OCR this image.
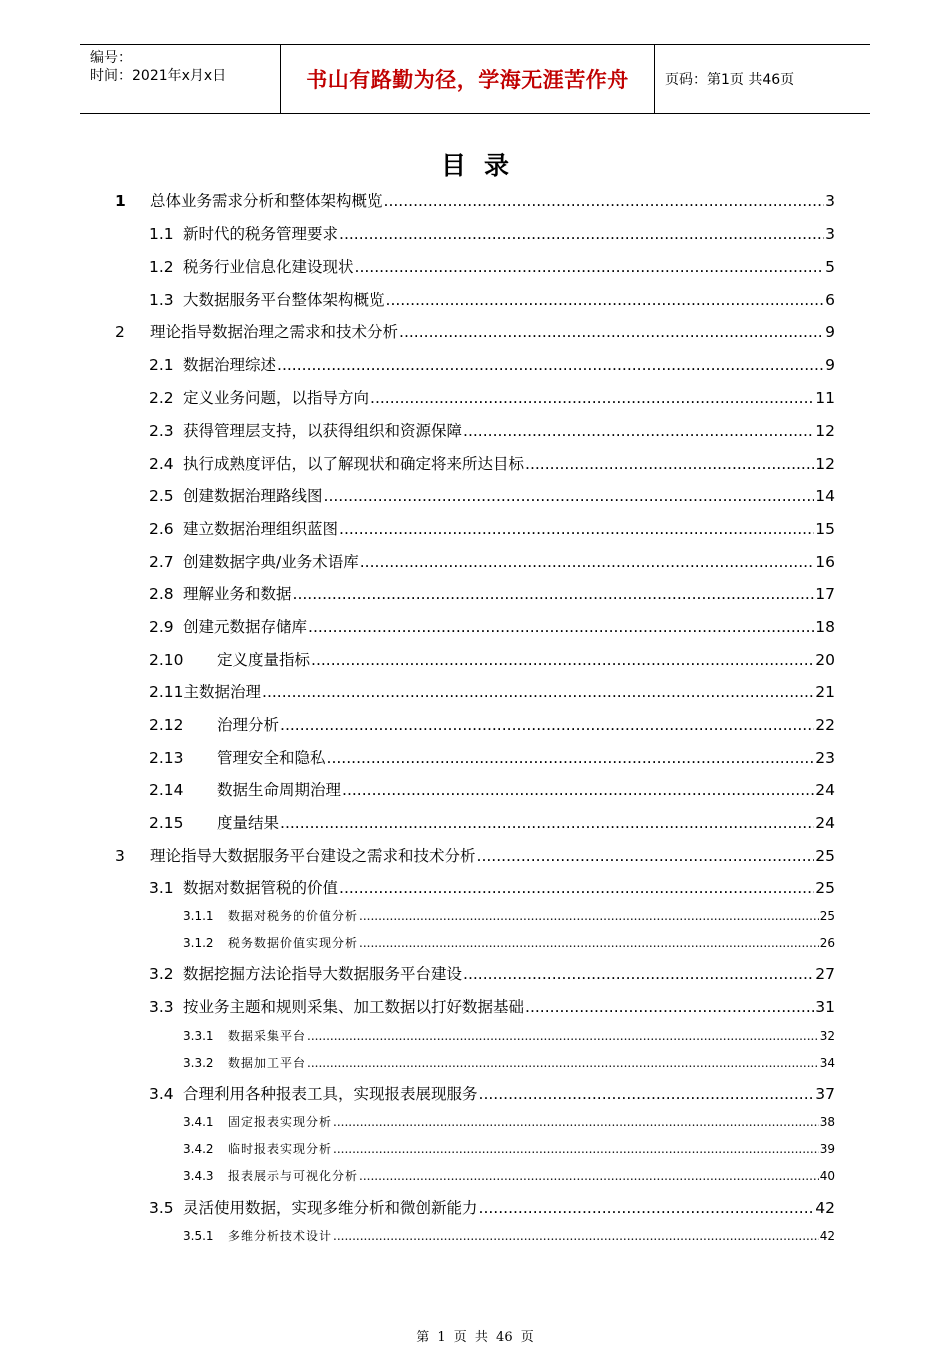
编号：
时间：2021年x月x日	书山有路勤为径，学海无涯苦作舟	页码：第1页 共46页
目录
1	总体业务需求分析和整体架构概览 .....	3
1.1 新时代的税务管理要求 .....	3
1.2 税务行业信息化建设现状 .....	5
1.3 大数据服务平台整体架构概览 .....	6
2	理论指导数据治理之需求和技术分析 .....	9
2.1 数据治理综述 .....	9
2.2 定义业务问题，以指导方向 .....	11
2.3 获得管理层支持，以获得组织和资源保障 .....	12
2.4 执行成熟度评估，以了解现状和确定将来所达目标 .....	12
2.5 创建数据治理路线图 .....	14
2.6 建立数据治理组织蓝图 .....	15
2.7 创建数据字典/业务术语库 .....	16
2.8 理解业务和数据 .....	17
2.9 创建元数据存储库 .....	18
2.10	定义度量指标 .....	20
2.11 主数据治理 .....	21
2.12	治理分析 .....	22
2.13	管理安全和隐私 .....	23
2.14	数据生命周期治理 .....	24
2.15	度量结果 .....	24
3	理论指导大数据服务平台建设之需求和技术分析 .....	25
3.1 数据对数据管税的价值 .....	25
3.1.1	数据对税务的价值分析 .....	25
3.1.2	税务数据价值实现分析 .....	26
3.2 数据挖掘方法论指导大数据服务平台建设 .....	27
3.3 按业务主题和规则采集、加工数据以打好数据基础 .....	31
3.3.1	数据采集平台 .....	32
3.3.2	数据加工平台 .....	34
3.4 合理利用各种报表工具，实现报表展现服务 .....	37
3.4.1	固定报表实现分析 .....	38
3.4.2	临时报表实现分析 .....	39
3.4.3	报表展示与可视化分析 .....	40
3.5 灵活使用数据，实现多维分析和微创新能力 .....	42
3.5.1	多维分析技术设计 .....	42
第 1 页 共 46 页
